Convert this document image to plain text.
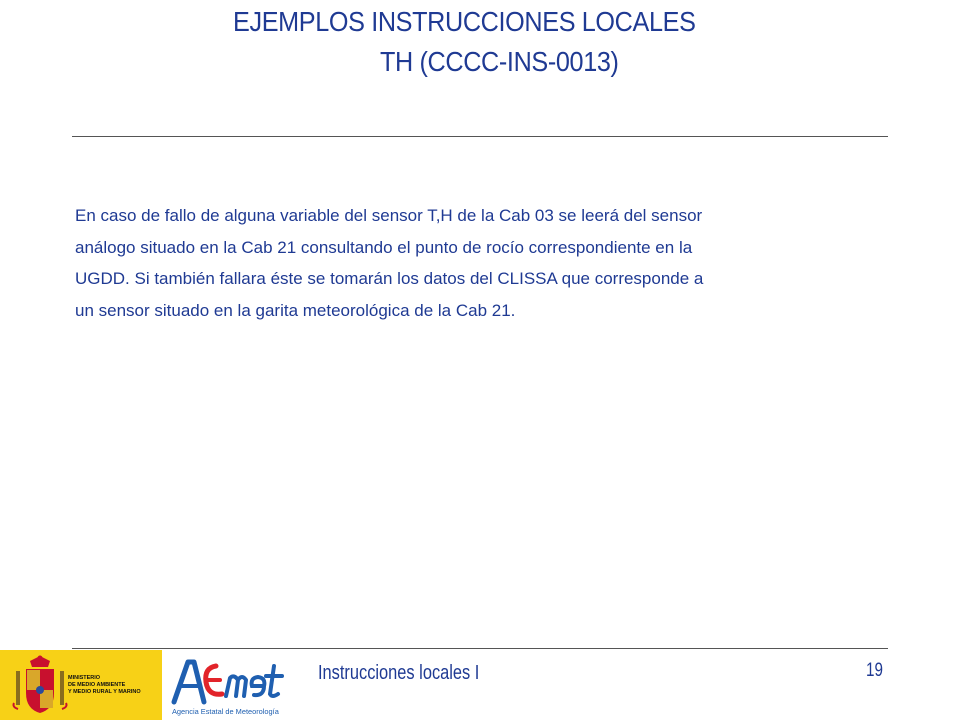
EJEMPLOS INSTRUCCIONES LOCALES
TH (CCCC-INS-0013)
En caso de fallo de alguna variable del sensor T,H de la Cab 03 se leerá del sensor
análogo situado en la Cab 21 consultando el punto de rocío correspondiente en la
UGDD. Si también fallara éste se tomarán los datos del CLISSA que corresponde a
un sensor situado en la garita meteorológica de la Cab 21.
MINISTERIO
DE MEDIO AMBIENTE
Y MEDIO RURAL Y MARINO
Agencia Estatal de Meteorología
Instrucciones locales I	19
